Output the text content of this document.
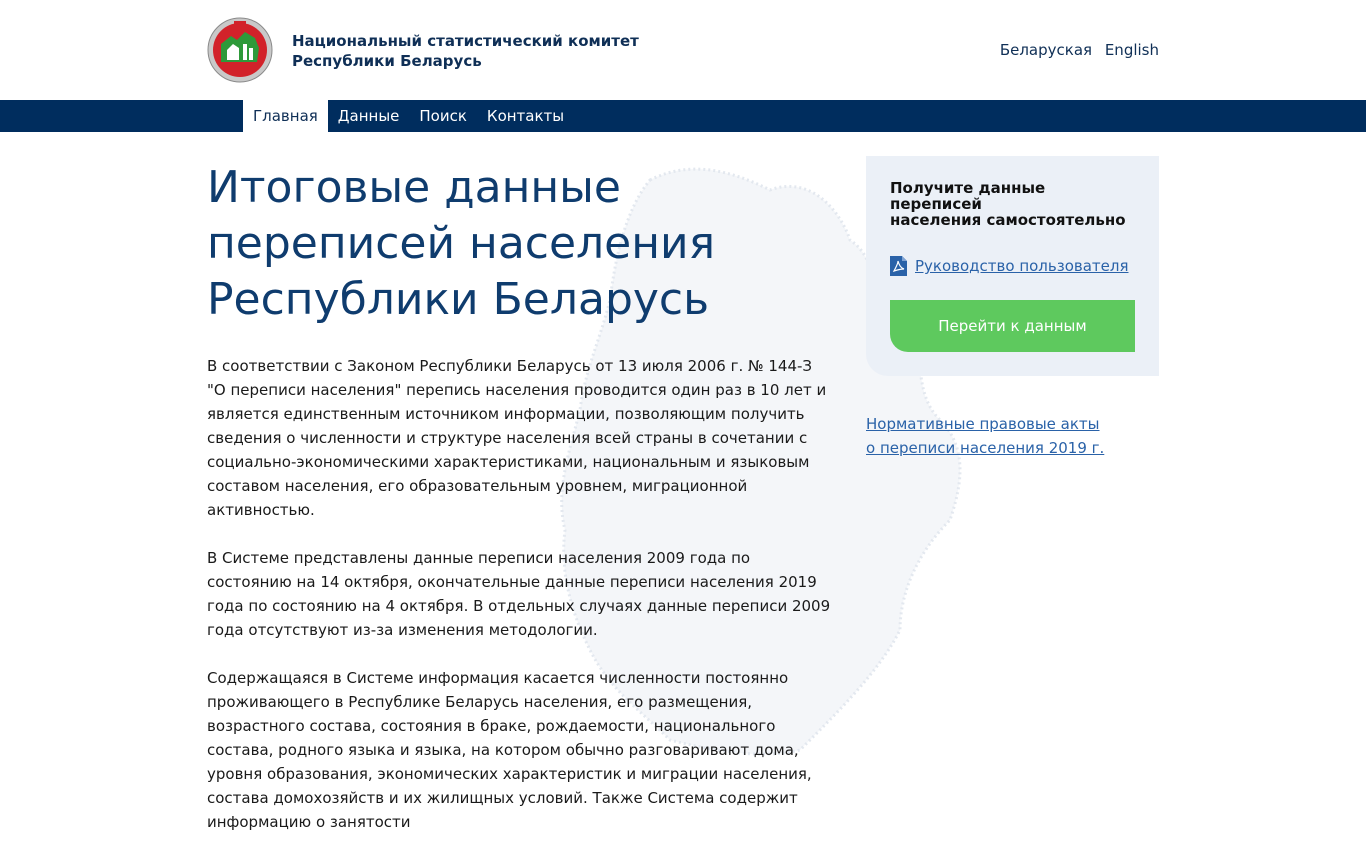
Национальный статистический комитет
Республики Беларусь
Беларуская English
Главная	Данные	Поиск	Контакты
Итоговые данные
переписей населения
Республики Беларусь

В соответствии с Законом Республики Беларусь от 13 июля 2006 г. № 144-З "О переписи населения" перепись населения проводится один раз в 10 лет и является единственным источником информации, позволяющим получить сведения о численности и структуре населения всей страны в сочетании с социально-экономическими характеристиками, национальным и языковым составом населения, его образовательным уровнем, миграционной активностью.

В Системе представлены данные переписи населения 2009 года по состоянию на 14 октября, окончательные данные переписи населения 2019 года по состоянию на 4 октября. В отдельных случаях данные переписи 2009 года отсутствуют из-за изменения методологии.

Содержащаяся в Системе информация касается численности постоянно проживающего в Республике Беларусь населения, его размещения, возрастного состава, состояния в браке, рождаемости, национального состава, родного языка и языка, на котором обычно разговаривают дома, уровня образования, экономических характеристик и миграции населения, состава домохозяйств и их жилищных условий. Также Система содержит информацию о занятости

Получите данные переписей
населения самостоятельно
Руководство пользователя
Перейти к данным
Нормативные правовые акты
о переписи населения 2019 г.
